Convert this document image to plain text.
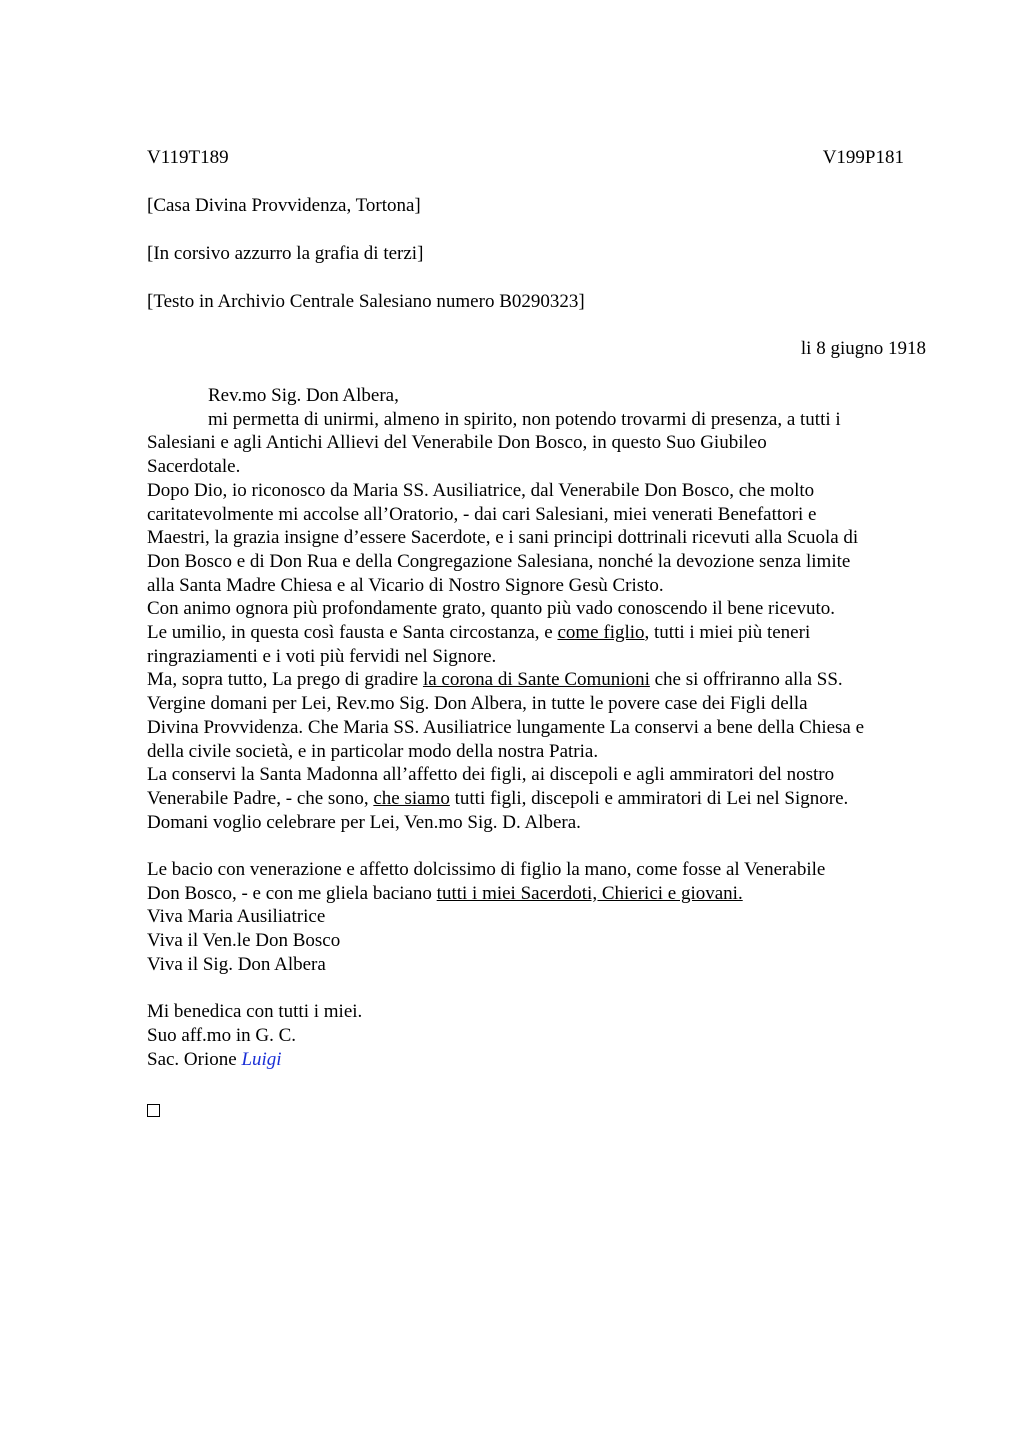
V119T189	V199P181
[Casa Divina Provvidenza, Tortona]
[In corsivo azzurro la grafia di terzi]
[Testo in Archivio Centrale Salesiano numero B0290323]
li 8 giugno 1918
Rev.mo Sig. Don Albera,
mi permetta di unirmi, almeno in spirito, non potendo trovarmi di presenza, a tutti i
Salesiani e agli Antichi Allievi del Venerabile Don Bosco, in questo Suo Giubileo
Sacerdotale.
Dopo Dio, io riconosco da Maria SS. Ausiliatrice, dal Venerabile Don Bosco, che molto
caritatevolmente mi accolse all’Oratorio, - dai cari Salesiani, miei venerati Benefattori e
Maestri, la grazia insigne d’essere Sacerdote, e i sani principi dottrinali ricevuti alla Scuola di
Don Bosco e di Don Rua e della Congregazione Salesiana, nonché la devozione senza limite
alla Santa Madre Chiesa e al Vicario di Nostro Signore Gesù Cristo.
Con animo ognora più profondamente grato, quanto più vado conoscendo il bene ricevuto.
Le umilio, in questa così fausta e Santa circostanza, e come figlio, tutti i miei più teneri
ringraziamenti e i voti più fervidi nel Signore.
Ma, sopra tutto, La prego di gradire la corona di Sante Comunioni che si offriranno alla SS.
Vergine domani per Lei, Rev.mo Sig. Don Albera, in tutte le povere case dei Figli della
Divina Provvidenza. Che Maria SS. Ausiliatrice lungamente La conservi a bene della Chiesa e
della civile società, e in particolar modo della nostra Patria.
La conservi la Santa Madonna all’affetto dei figli, ai discepoli e agli ammiratori del nostro
Venerabile Padre, - che sono, che siamo tutti figli, discepoli e ammiratori di Lei nel Signore.
Domani voglio celebrare per Lei, Ven.mo Sig. D. Albera.
Le bacio con venerazione e affetto dolcissimo di figlio la mano, come fosse al Venerabile
Don Bosco, - e con me gliela baciano tutti i miei Sacerdoti, Chierici e giovani.
Viva Maria Ausiliatrice
Viva il Ven.le Don Bosco
Viva il Sig. Don Albera
Mi benedica con tutti i miei.
Suo aff.mo in G. C.
Sac. Orione Luigi
